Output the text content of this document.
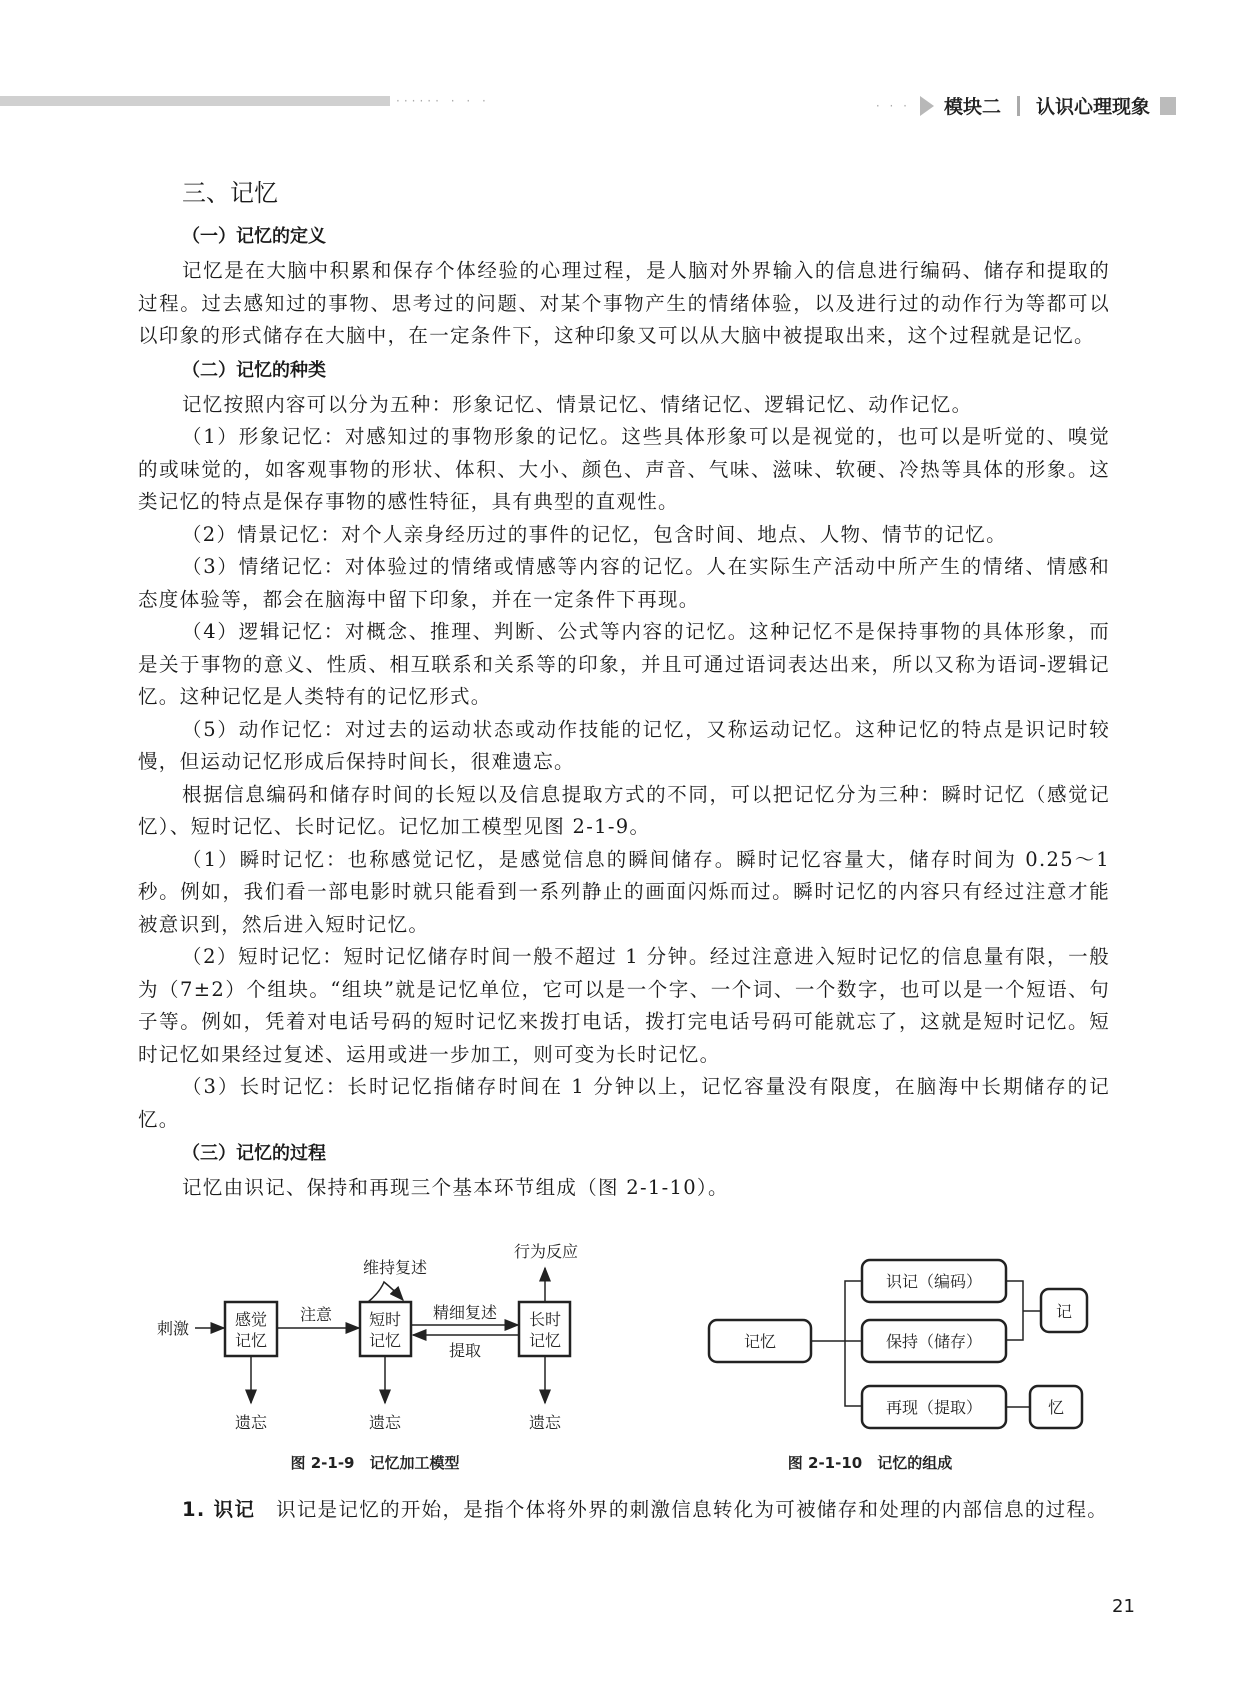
······ · · ·	· · · 模块二 认识心理现象
三、记忆
（一）记忆的定义

记忆是在大脑中积累和保存个体经验的心理过程，是人脑对外界输入的信息进行编码、储存和提取的过程。过去感知过的事物、思考过的问题、对某个事物产生的情绪体验，以及进行过的动作行为等都可以以印象的形式储存在大脑中，在一定条件下，这种印象又可以从大脑中被提取出来，这个过程就是记忆。

（二）记忆的种类

记忆按照内容可以分为五种：形象记忆、情景记忆、情绪记忆、逻辑记忆、动作记忆。

（1）形象记忆：对感知过的事物形象的记忆。这些具体形象可以是视觉的，也可以是听觉的、嗅觉的或味觉的，如客观事物的形状、体积、大小、颜色、声音、气味、滋味、软硬、冷热等具体的形象。这类记忆的特点是保存事物的感性特征，具有典型的直观性。

（2）情景记忆：对个人亲身经历过的事件的记忆，包含时间、地点、人物、情节的记忆。

（3）情绪记忆：对体验过的情绪或情感等内容的记忆。人在实际生产活动中所产生的情绪、情感和态度体验等，都会在脑海中留下印象，并在一定条件下再现。

（4）逻辑记忆：对概念、推理、判断、公式等内容的记忆。这种记忆不是保持事物的具体形象，而是关于事物的意义、性质、相互联系和关系等的印象，并且可通过语词表达出来，所以又称为语词-逻辑记忆。这种记忆是人类特有的记忆形式。

（5）动作记忆：对过去的运动状态或动作技能的记忆，又称运动记忆。这种记忆的特点是识记时较慢，但运动记忆形成后保持时间长，很难遗忘。

根据信息编码和储存时间的长短以及信息提取方式的不同，可以把记忆分为三种：瞬时记忆（感觉记忆）、短时记忆、长时记忆。记忆加工模型见图 2-1-9。

（1）瞬时记忆：也称感觉记忆，是感觉信息的瞬间储存。瞬时记忆容量大，储存时间为 0.25～1 秒。例如，我们看一部电影时就只能看到一系列静止的画面闪烁而过。瞬时记忆的内容只有经过注意才能被意识到，然后进入短时记忆。

（2）短时记忆：短时记忆储存时间一般不超过 1 分钟。经过注意进入短时记忆的信息量有限，一般为（7±2）个组块。“组块”就是记忆单位，它可以是一个字、一个词、一个数字，也可以是一个短语、句子等。例如，凭着对电话号码的短时记忆来拨打电话，拨打完电话号码可能就忘了，这就是短时记忆。短时记忆如果经过复述、运用或进一步加工，则可变为长时记忆。

（3）长时记忆：长时记忆指储存时间在 1 分钟以上，记忆容量没有限度，在脑海中长期储存的记忆。

（三）记忆的过程

记忆由识记、保持和再现三个基本环节组成（图 2-1-10）。

刺激	感觉
记忆
注意 短时
记忆
维持复述
精细复述
提取
长时
记忆
行为反应
遗忘	遗忘	遗忘
图 2-1-9　记忆加工模型
记忆
识记（编码）
保持（储存）
再现（提取）
记
忆
图 2-1-10　记忆的组成

1. 识记　 识记是记忆的开始，是指个体将外界的刺激信息转化为可被储存和处理的内部信息的过程。

21
